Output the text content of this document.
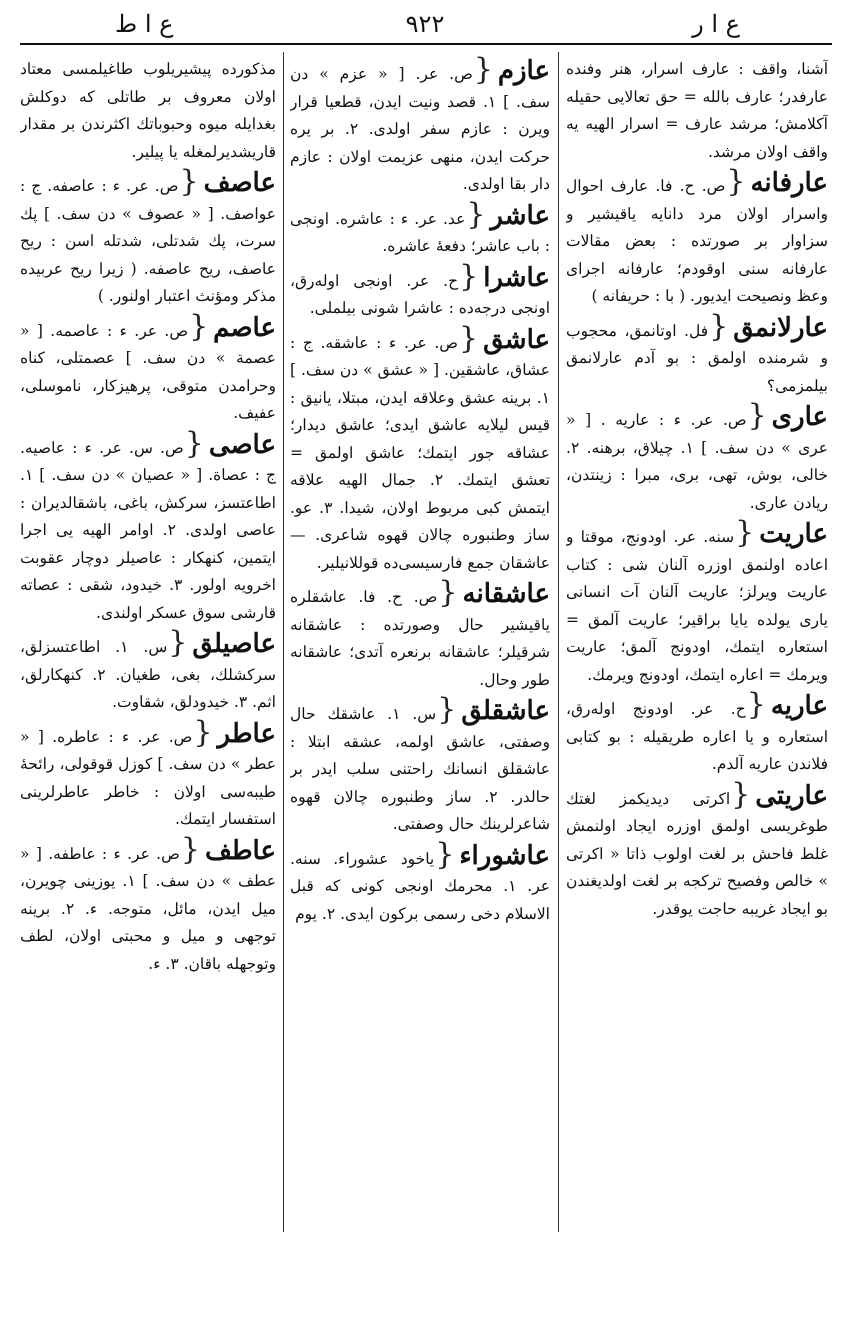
ع ا ر
٩٢٢
ع ا ط
آشنا، واقف : عارف اسرار، هنر وفنده عارفدر؛ عارف بالله = حق تعالايى حقيله آكلامش؛ مرشد عارف = اسرار الهيه يه واقف اولان مرشد.
عارفانه{ص. ح. فا. عارف احوال واسرار اولان مرد دانايه ياقيشير و سزاوار بر صورتده : بعض مقالات عارفانه سنى اوقودم؛ عارفانه اجراى وعظ ونصيحت ايديور. ( با : حريفانه )
عارلانمق{فل. اوتانمق، محجوب و شرمنده اولمق : بو آدم عارلانمق بيلمزمى؟
عارى{ص. عر. ء : عاريه . [ « عرى » دن سف. ] ١. چيلاق، برهنه. ٢. خالى، بوش، تهى، برى، مبرا : زينتدن، ريادن عارى.
عاريت{سنه. عر. اودونج، موقتا و اعاده اولنمق اوزره آلنان شى : كتاب عاريت ويرلز؛ عاريت آلنان آت انسانى يارى يولده يايا براقير؛ عاريت آلمق = استعاره ايتمك، اودونج آلمق؛ عاريت ويرمك = اعاره ايتمك، اودونج ويرمك.
عاريه{ح. عر. اودونج اولەرق، استعاره و يا اعاره طريقيله : بو كتابى فلاندن عاريه آلدم.
عاريتى{اكرتى ديديكمز لغتك طوغريسى اولمق اوزره ايجاد اولنمش غلط فاحش بر لغت اولوب ذاتا « اكرتى » خالص وفصيح تركجه بر لغت اولديغندن بو ايجاد غريبه حاجت يوقدر.
عازم{ص. عر. [ « عزم » دن سف. ] ١. قصد ونيت ايدن، قطعيا قرار ويرن : عازم سفر اولدى. ٢. بر يره حركت ايدن، منهى عزيمت اولان : عازم دار بقا اولدى.
عاشر{عد. عر. ء : عاشره. اونجى : باب عاشر؛ دفعۀ عاشره.
عاشرا{ح. عر. اونجى اولەرق، اونجى درجەدە : عاشرا شونى بيلملى.
عاشق{ص. عر. ء : عاشقه. ج : عشاق، عاشقين. [ « عشق » دن سف. ] ١. برينه عشق وعلاقه ايدن، مبتلا، يانيق : قيس ليلايه عاشق ايدى؛ عاشق ديدار؛ عشاقه جور ايتمك؛ عاشق اولمق = تعشق ايتمك. ٢. جمال الهيه علاقه ايتمش كبى مربوط اولان، شيدا. ٣. عو. ساز وطنبوره چالان قهوه شاعرى. — عاشقان جمع فارسيسى‌ده قوللانيلير.
عاشقانه{ص. ح. فا. عاشقلره ياقيشير حال وصورتده : عاشقانه شرقيلر؛ عاشقانه برنعره آتدى؛ عاشقانه طور وحال.
عاشقلق{س. ١. عاشقك حال وصفتى، عاشق اولمه، عشقه ابتلا : عاشقلق انسانك راحتنى سلب ايدر بر حالدر. ٢. ساز وطنبوره چالان قهوه شاعرلرينك حال وصفتى.
عاشوراء{ياخود عشوراء. سنه. عر. ١. محرمك اونجى كونى كه قبل الاسلام دخى رسمى بركون ايدى. ٢. يوم
مذكورده پيشيريلوب طاغيلمسى معتاد اولان معروف بر طاتلى كه دوكلش بغدايله ميوه وحبوباتك اكثرندن بر مقدار قاريشديرلمغله يا پيلير.
عاصف{ص. عر. ء : عاصفه. ج : عواصف. [ « عصوف » دن سف. ] پك سرت، پك شدتلى، شدتله اسن : ريح عاصف، ريح عاصفه. ( زيرا ريح عربيده مذكر ومؤنث اعتبار اولنور. )
عاصم{ص. عر. ء : عاصمه. [ « عصمة » دن سف. ] عصمتلى، كناه وحرامدن متوقى، پرهيزكار، ناموسلى، عفيف.
عاصى{ص. س. عر. ء : عاصيه. ج : عصاة. [ « عصيان » دن سف. ] ١. اطاعتسز، سركش، باغى، باشقالدیران : عاصى اولدى. ٢. اوامر الهيه يى اجرا ايتمين، كنهكار : عاصيلر دوچار عقوبت اخرويه اولور. ٣. خيدود، شقى : عصاته قارشى سوق عسكر اولندى.
عاصيلق{س. ١. اطاعتسزلق، سركشلك، بغى، طغيان. ٢. كنهكارلق، اثم. ٣. خيدودلق، شقاوت.
عاطر{ص. عر. ء : عاطره. [ « عطر » دن سف. ] كوزل قوقولى، رائحۀ طيبه‌سى اولان : خاطر عاطرلرينى استفسار ايتمك.
عاطف{ص. عر. ء : عاطفه. [ « عطف » دن سف. ] ١. يوزينى چويرن، ميل ايدن، مائل، متوجه. ء. ٢. برينه توجهى و ميل و محبتى اولان، لطف وتوجهله باقان. ٣. ء.
